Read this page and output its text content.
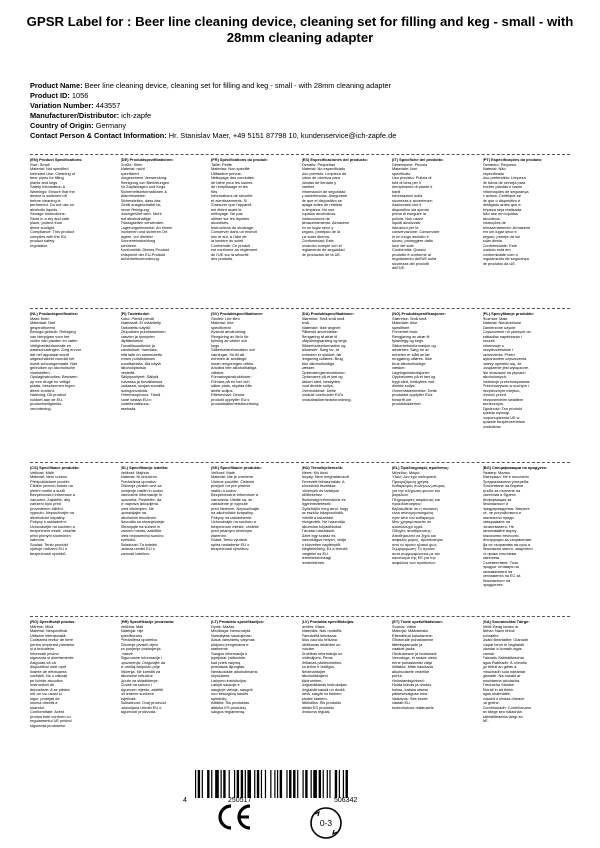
GPSR Label for : Beer line cleaning device, cleaning set for filling and keg - small - with 28mm cleaning adapter
Product Name: Beer line cleaning device, cleaning set for filling and keg - small - with 28mm cleaning adapter
Product ID: 1056
Variation Number: 443557
Manufacturer/Distributor: ich-zapfe
Country of Origin: Germany
Contact Person & Contact Information: Hr. Stanislav Maer, +49 5151 87798 10, kundenservice@ich-zapfe.de
(EN) Product Specifications:
Size: Small
Material: Not specified
Intended Use: Cleaning of
beer pipes for filling
plants and kegs
Safety Information &
Warnings: Ensure that the
device is switched off
before cleaning is
performed. Do not use on
alcoholic liquids.
Storage Instructions:
Store in a dry and safe
place, protect from
direct sunlight.
Compliance: This product
complies with the EU
product safety
regulation.
(DE) Produktspezifikationen:
Größe: Klein
Material: nicht
spezifiziert
Vorgesehene Verwendung:
Reinigung von Bierleitungen
für Zapfanlagen und Kegs
Sicherheitsinformationen &
Warnhinweise:
Sicherstellen, dass das
Gerät ausgeschaltet ist,
bevor Reinigung
durchgeführt wird. Nicht
auf alkoholhaltige
Flüssigkeiten verwenden.
Lagerungshinweise: An einem
trockenen und sicheren Ort
lagern, vor direkter
Sonneneinstrahlung
schützen.
Konformität: Dieses Produkt
entspricht der EU-Produkt
sicherheitsverordnung.
(FR) Spécifications du produit:
Taille: Petite
Matériau: Non spécifié
Utilisation prévue:
Nettoyage des conduites
de bière pour les usines
de remplissage et les
fûts
Informations de sécurité
et avertissements: Si
S'assurer que l'appareil
est éteint avant le
nettoyage. Ne pas
utiliser sur les liquides
alcoolisés.
Instructions de stockage:
Conserver dans un endroit
sec et sûr, à l'abri de
la lumière du soleil.
Conformité: Ce produit
est conforme au règlement
de l'UE sur la sécurité
des produits.
(ES) Especificaciones del producto:
Tamaño: Pequeñas
Material: No especificado
Uso previsto: Limpieza de
tubos de cerveza para
plantas de llenado y
barriles
Información de seguridad
y advertencias: Asegúrese
de que el dispositivo se
apaga antes de realizar
la limpieza. No use
líquidos alcohólicos.
Instrucciones de
almacenamiento: Almacene
en un lugar seco y
seguro, protéjalo de la
luz solar directa.
Conformidad: Este
producto cumple con el
reglamento de seguridad
de productos de la UE.
(IT) Specifiche del prodotto:
Dimensione: Piccola
Materiale: Non
specificato
Uso previsto: Pulizia di
tubi di birra per il
riempimento di piante e
barili
Informazioni sulla
sicurezza e avvertenze:
Assicurarsi che il
dispositivo sia spento
prima di eseguire la
pulizia. Non usare
liquidi alcolizzati.
Istruzioni per la
conservazione: Conservare
in un luogo asciutto e
sicuro, proteggere dalla
luce del sole.
Conformità: Questo
prodotto è conforme al
regolamento dell'UE sulla
sicurezza dei prodotti
dell'UE.
(PT) Especificações do produto:
Tamanho: Pequeno
Material: Não
especificado
Uso pretendido: Limpeza
de tubos de cerveja para
encher plantas e barris
Informações de segurança
e avisos: Certifique-se
de que o dispositivo é
desligado antes que a
limpeza seja realizada.
Não use em líquidos
alcoólicos.
Instruções de
armazenamento: Armazene
em um lugar seco e
seguro, proteja da luz
solar direta.
Conformidade: Este
produto está em
conformidade com o
regulamento de segurança
de produtos da UE.
(NL) Productspecificaties:
Maat: Klein
Materiaal: Niet
gespecificeerd
Beoogd gebruik: Reiniging
van bierpijpen voor het
vullen van planten en vaten
Veiligheidsinformatie en
waarschuwingen: Zorg ervoor
dat het apparaat wordt
uitgeschakeld voordat het
wordt schoongemaakt. Niet
gebruiken op alcoholische
vloeistoffen.
Opslaginstructies: Bewaren
op een droge en veilige
plaats, beschermen tegen
direct zonlicht.
Naleving: Dit product
voldoet aan de EU-
productveiligheids-
verordening.
(FI) Tuotetiedot:
Koko: Pieniä pieniä
Materiaali: Ei määritelty
Tarkoitettu käyttö:
Oluputkien puhdistaminen
kasvien ja tynnyrien
täyttämiseksi
Turvallisuustiedot ja
varoitukset: Varmista,
että laite on sammutettu
ennen puhdistuksen
suorittamista. Älä käytä
alkoholipitoisia
nesteitä.
Säilytysohjeet: Säilytä
kuivassa ja turvallisessa
paikassa, suojaa suoralta
auringonvalolta.
Yhteensopivuus: Tämä
tuote vastaa EU:n
tuoteturvallisuus-
asetusta.
(SV) Produktspecifikationer:
Storlek: Lite liten
Material: Inte
specificerat
Avsedd användning:
Rengöring av ölrör för
fyllning av växter och
kegs
Säkerhetsinformation och
varningar: Se till att
enheten är avstängd
innan rengöringen utförs.
Använd inte alkoholhaltiga
vätskor.
Förvaringsinstruktioner:
Förvara på en torr och
säker plats, skydda från
direkt solljus.
Efterlevnad: Denna
produkt uppfyller EU:s
produktsäkerhetsförordning.
(DA) Produktspecifikationer:
Størrelse: Små små små
små
Materiale: Ikke angivet
Påtænkt anvendelse:
Rengøring af ølrør til
påfyldningsanlæg og kegs
Sikkerhedsinformation og
advarsler: Sørg for, at
enheden er slukket, før
rengøring udføres. Brug
ikke alkoholholdige
væsker.
Opbevaringsinstruktioner:
Opbevares på et tørt og
sikkert sted, beskyttes
mod direkte sollys.
Overholdelse: Dette
produkt overholder EU's
produktsikkerhedsforordning.
(NO) Produktspesifikasjoner:
Størrelse: Små små
Materiale: Ikke
spesifisert
Forventet bruk:
Rengjøring av ølrør til
fyllanlegg og kegs
Sikkerhetsinformasjon og
advarsler: Sørg for at
enheten er slått av før
rengjøring utføres. Ikke
bruk alkoholholdige
væsker.
Lagringsinstruksjoner:
Oppbevares på et tørt og
trygt sted, beskyttes mot
direkte sollys.
Overensstemmelse: Dette
produktet oppfyller EUs
forskrift om
produktsikkerhet.
(PL) Specyfikacje produktu:
Rozmiar: Małe
Materiał: Nieokreślone
Zamierzone użycie:
Czyszczenie rur piwnych do
zakładów napełniania i
beczek
Informacje o
bezpieczeństwie i
ostrzeżenia: Przed
wykonaniem czyszczenia
należy upewnić się, że
urządzenie jest wyłączone.
Nie stosować na płynach
alkoholowych.
Instrukcje przechowywania:
Przechowywać w suchym i
bezpiecznym miejscu,
chronić przed
bezpośrednim światłem
słonecznym.
Zgodność: Ten produkt
spełnia wymogi
rozporządzenia UE w
sprawie bezpieczeństwa
produktów.
(CS) Specifikace produktu:
Velikost: Malé
Materiál: Není určeno
Předpokládané použití:
Čištění pivních trubek na
plnění rostlin a sudů
Bezpečnostní informace a
varování: Zajistěte, aby
zařízení bylo před
provedením čištění
vypnuto. Nepoužívejte na
alkoholické kapaliny.
Pokyny k uskladnění:
Uchovávejte na suchém a
bezpečném místě, chraňte
před přímým slunečním
zářením.
Soulad: Tento produkt
splňuje nařízení EU o
bezpečnosti výrobků.
(SL) Specifikacije izdelka:
Velikost: Majhna
Material: Ni določeno
Predvidena uporaba:
Čiščenje pivskih cevi za
polnjenje rastlin in sodov
Varnostne informacije in
opozorila: Poskrbite, da
je naprava izklopljena
pred čiščenjem. Ne
uporabljajte na
alkoholnih tekočinah.
Navodila za shranjevanje:
Shranjujte na suhem in
varnem mestu, zaščitite
pred neposredno sončno
svetlobo.
Skladnost: Ta izdelek
ustreza uredbi EU o
varnosti izdelkov.
(SK) Špecifikácie produktu:
Veľkosť: Malé
Materiál: Nie je uvedené
Určené použitie: Čistenie
pivných rúr pre plnenie
rastlín a sudov
Bezpečnostné informácie a
varovania: Uistite sa, že
zariadenie je vypnuté
pred čistením. Nepoužívajte
na alkoholické kvapaliny.
Pokyny na uskladnenie:
Uchovávajte na suchom a
bezpečnom mieste, chráňte
pred priamym slnečným
žiarením.
Súlad: Tento výrobok
spĺňa nariadenie EÚ o
bezpečnosti výrobkov.
(HU) Termékjellemzők:
Méret: Kis kicsi
Anyag: Nem meghatározott
Tervezett felhasználás: A
sörcsövek tisztítása
növények és tartályok
kitöltéséhez
Biztonsági információk és
figyelmeztetések:
Győződjön meg arról, hogy
az eszköz kikapcsolódik,
mielőtt a takarítást
elvégezték. Ne használja
alkoholos folyadékokat.
Tárolási utasítások:
Üzlet egy száraz és
biztonságos helyen, védje
a közvetlen napfénytől.
Megfelelőség: Ez a termék
megfelel az EU
termékbiztonsági
rendeletének.
(EL) Προδιαγραφές προϊόντος:
Μέγεθος: Μικρό
Υλικό: Δεν έχει καθοριστεί
Προοριζόμενη χρήση:
Καθαρισμός σωλήνων μπύρας
για την πλήρωση φυτών και
βαρελιών
Πληροφορίες ασφάλειας και
προειδοποιήσεις:
Βεβαιωθείτε ότι η συσκευή
είναι απενεργοποιημένη
πριν από τον καθαρισμό.
Μην χρησιμοποιείτε σε
αλκοολούχα υγρά.
Οδηγίες αποθήκευσης:
Αποθηκεύστε σε ξηρό και
ασφαλές μέρος, προστατέψτε
από το άμεσο ηλιακό φως.
Συμμόρφωση: Το προϊόν
αυτό συμμορφώνεται με τον
κανονισμό της ΕΕ για την
ασφάλεια των προϊόντων.
(BG) Спецификации на продукта:
Размер: Малък
Материал: Не е посочено
Предназначена употреба:
Почистване на бирени
тръби за пълнене на
растения и бурета
Информация за
безопасност и
предупреждения: Уверете
се, че устройството е
изключено преди
извършване на
почистването. Не
използвайте върху
алкохолни течности.
Инструкции за съхранение:
Да се съхранява на сухо и
безопасно място, защитено
от пряка слънчева
светлина.
Съответствие: Този
продукт отговаря на
изискванията на
регламента на ЕС за
безопасност на
продуктите.
(RO) Specificații produs:
Mărime: Mică
Material: Nespecificat
Utilizare intenționată:
Curățarea țevilor de bere
pentru umplerea plantelor
și a butoaielor
Informații privind
siguranța și avertismente:
Asigurați-vă că
dispozitivul este oprit
înainte de efectuarea
curățării. Nu o utilizați
pe lichide alcoolice.
Instrucțiuni de
depozitare: A se păstra
într-un loc uscat și
sigur, protejați de
lumina directă a
soarelui.
Conformitate: Acest
produs este conform cu
regulamentul UE privind
siguranța produselor.
(HR) Specifikacije proizvoda:
Veličina: Mali
Materijal: nije
specificirano
Predviđena upotreba:
Čišćenje pivskih cijevi
za punjenje postrojenja
i bačve
Sigurnosne informacije i
upozorenja: Osigurajte da
je uređaj isključen prije
čišćenja. Ne koristiti za
alkoholne tekućine.
Upute za skladištenje:
Čuvati na suhom i
sigurnom mjestu, zaštititi
od izravne sunčeve
svjetlosti.
Sukladnost: Ovaj proizvod
udovoljava Uredbi EU o
sigurnosti proizvoda.
(LT) Produkto specifikacijos:
Dydis: Mažas
Medžiaga: Nenurodyta
Numatytas naudojimas:
Alaus vamzdelių valymas
pildymo įrenginiams ir
statinėms
Saugos informacija ir
įspėjimai: Įsitikinkite,
kad prieš valymą
prietaisas išjungtas.
Nenaudokite alkoholiniams
skysčiams.
Laikymo instrukcijos:
Laikyti sausoje ir
saugioje vietoje, saugoti
nuo tiesioginių saulės
spindulių.
Atitiktis: Šis produktas
atitinka ES produktų
saugos reglamentą.
(LV) Produkta specifikācijas:
Izmērs: Mazs
Materiāls: Nav norādīts
Paredzētā lietošana:
Alus cauruļu tīrīšana
pildīšanas iekārtām un
mucām
Drošības informācija un
brīdinājumi: Pirms
tīrīšanas pārliecinieties,
ka ierīce ir izslēgta.
Neizmantojiet
alkoholiskajiem
šķidrumiem.
Uzglabāšanas instrukcijas:
Uzglabāt sausā un drošā
vietā, sargāt no tiešiem
saules stariem.
Atbilstība: Šis produkts
atbilst ES produktu
drošuma regulai.
(ET) Toote spetsifikatsioon:
Suurus: Väike
Materjal: Määramata
Ettenähtud kasutamine:
Õllotorude puhastamine
täitmisjaamade ja
vaatide jaoks
Ohutusteave ja hoiatused:
Veenduge, et seade oleks
enne puhastamist välja
lülitatud. Mitte kasutada
alkohoolsete vedelike
puhul.
Hoiustamisjuhised:
Hoida kuivas ja ohutus
kohas, kaitsta otsese
päikesevalguse eest.
Vastavus: See toode
vastab ELi
tooteohutuse määrusele.
(GA) Sonraíochtaí Táirge:
Méid: Beag beann ar
Ábhar: Nach bhfuil
sonraithe
Úsáid Beartaithe: Glanadh
píopaí beoir le haghaidh
plandaí a líonadh agus
cannaí
Faisnéis Sábháilteachta
agus Rabhadh: Á chinntiú
go bhfuil an gléas a
mhúchadh sula ndéantar
glanadh. Ná húsáid ar
leachtanna alcólacha.
Treoracha Stórála:
Stóráil in áit thirim
agus shábháilte,
cosaint ó sholas díreach
na gréine.
Comhlíonadh: Comhlíonann
an táirge seo rialachán
sábháilteachta táirgí an
AE.
4	250517	506342
0-3
